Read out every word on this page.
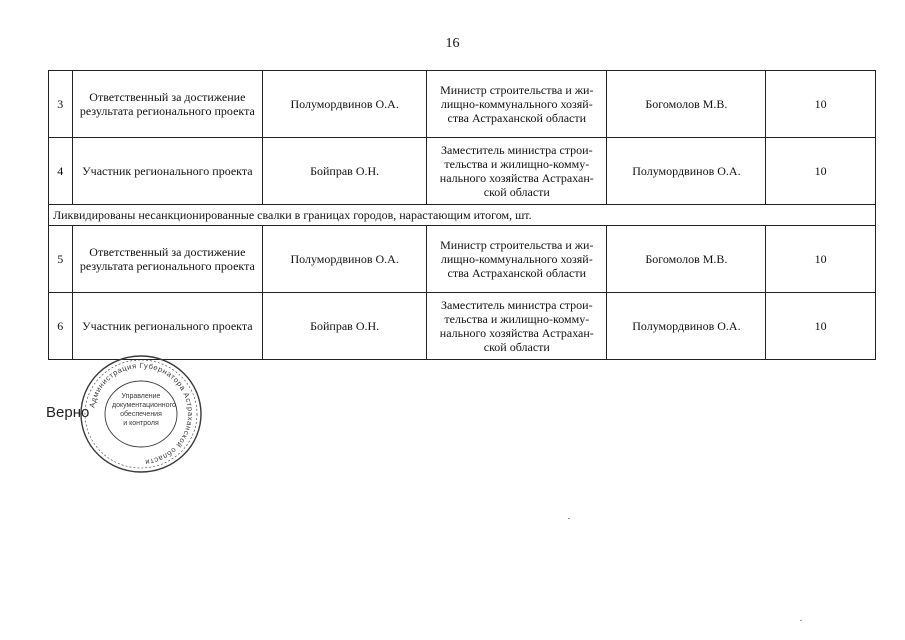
16
3	Ответственный за достижение результата регионального проекта	Полумордвинов О.А.	Министр строительства и жилищно-коммунального хозяйства Астраханской области	Богомолов М.В.	10
4	Участник регионального проекта	Бойправ О.Н.	Заместитель министра строительства и жилищно-коммунального хозяйства Астраханской области	Полумордвинов О.А.	10
Ликвидированы несанкционированные свалки в границах городов, нарастающим итогом, шт.					
5	Ответственный за достижение результата регионального проекта	Полумордвинов О.А.	Министр строительства и жилищно-коммунального хозяйства Астраханской области	Богомолов М.В.	10
6	Участник регионального проекта	Бойправ О.Н.	Заместитель министра строительства и жилищно-коммунального хозяйства Астраханской области	Полумордвинов О.А.	10
Администрация Губернатора Астраханской области
Управление
документационного
обеспечения
и контроля
Верно
